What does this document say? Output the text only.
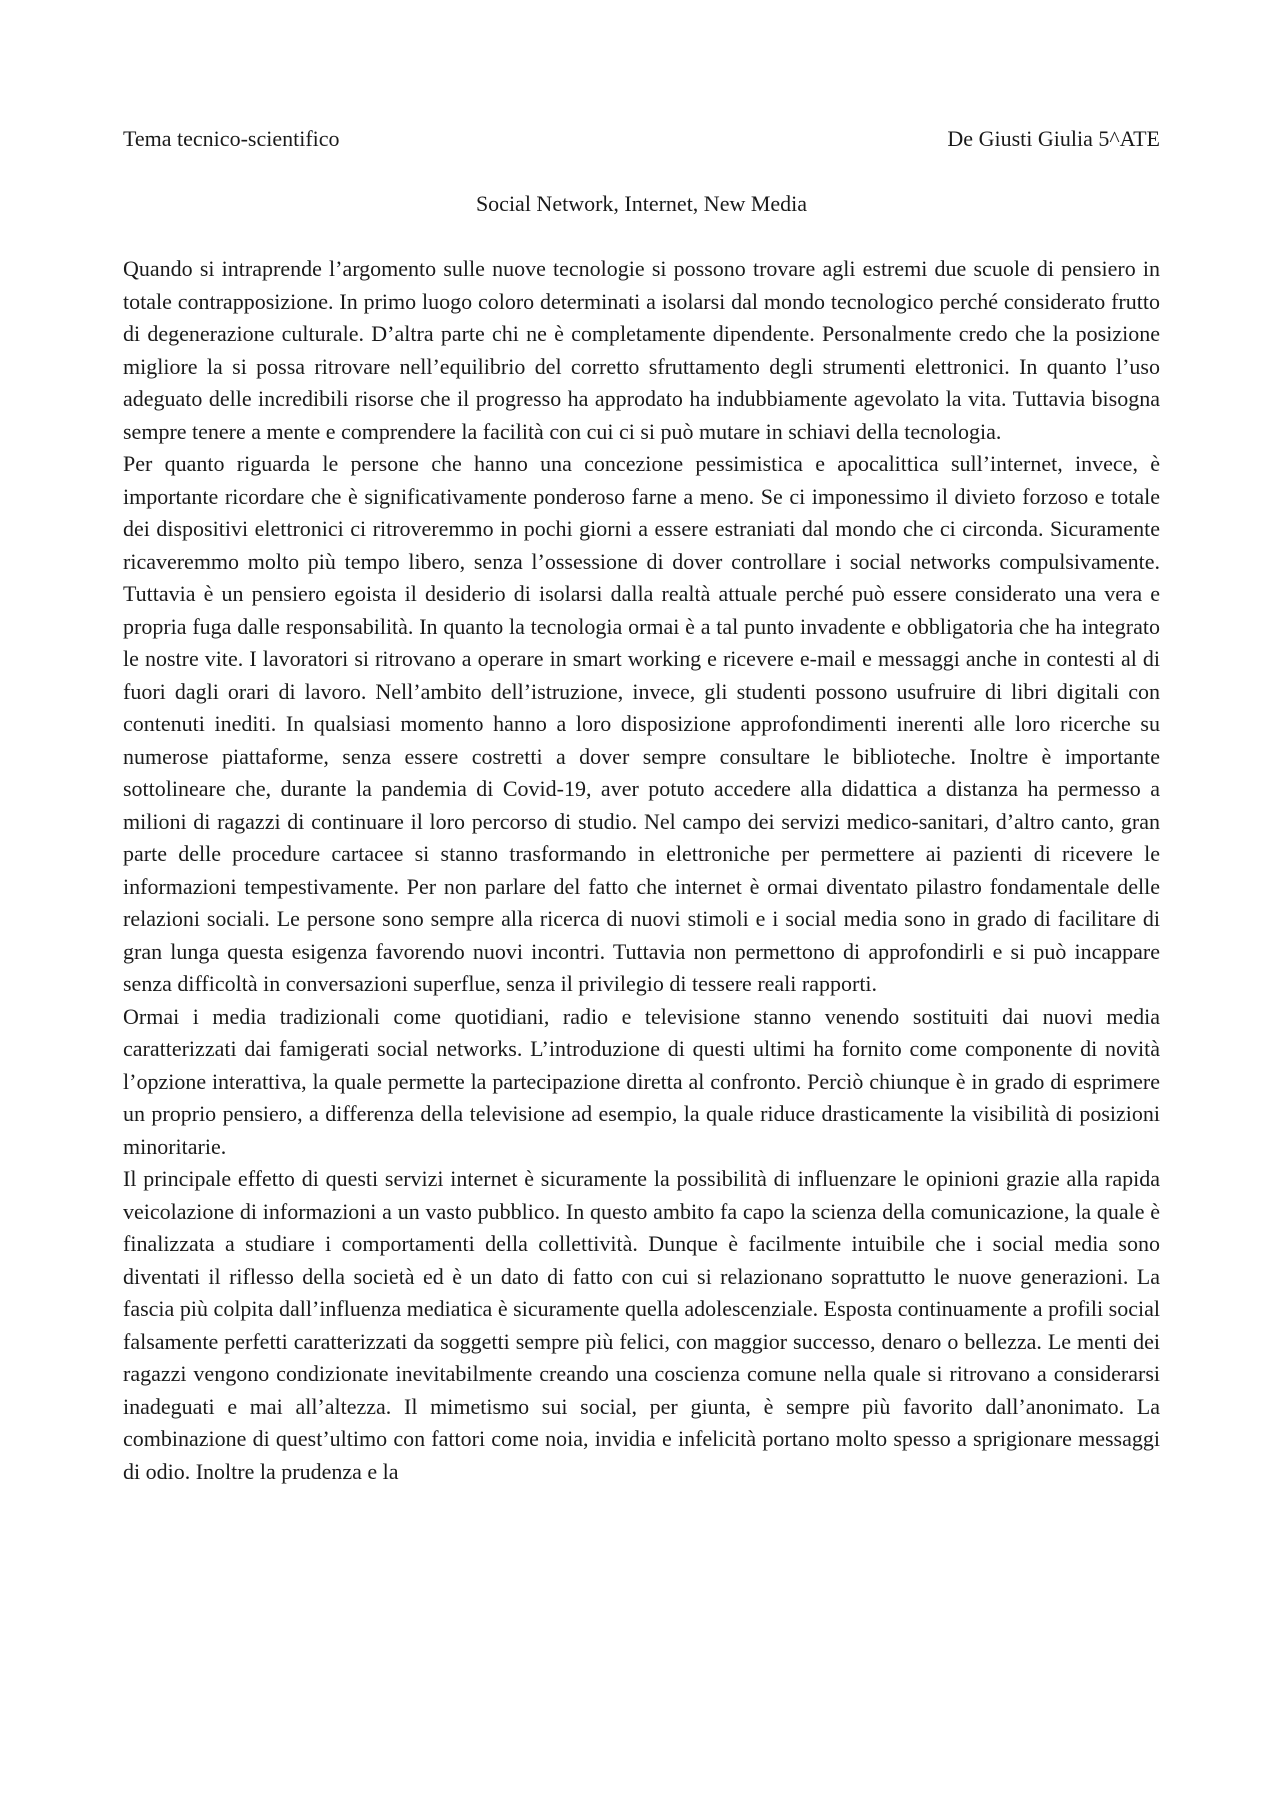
Tema tecnico-scientifico	De Giusti Giulia 5^ATE
Social Network, Internet, New Media

Quando si intraprende l’argomento sulle nuove tecnologie si possono trovare agli estremi due scuole di pensiero in totale contrapposizione. In primo luogo coloro determinati a isolarsi dal mondo tecnologico perché considerato frutto di degenerazione culturale. D’altra parte chi ne è completamente dipendente. Personalmente credo che la posizione migliore la si possa ritrovare nell’equilibrio del corretto sfruttamento degli strumenti elettronici. In quanto l’uso adeguato delle incredibili risorse che il progresso ha approdato ha indubbiamente agevolato la vita. Tuttavia bisogna sempre tenere a mente e comprendere la facilità con cui ci si può mutare in schiavi della tecnologia.

Per quanto riguarda le persone che hanno una concezione pessimistica e apocalittica sull’internet, invece, è importante ricordare che è significativamente ponderoso farne a meno. Se ci imponessimo il divieto forzoso e totale dei dispositivi elettronici ci ritroveremmo in pochi giorni a essere estraniati dal mondo che ci circonda. Sicuramente ricaveremmo molto più tempo libero, senza l’ossessione di dover controllare i social networks compulsivamente. Tuttavia è un pensiero egoista il desiderio di isolarsi dalla realtà attuale perché può essere considerato una vera e propria fuga dalle responsabilità. In quanto la tecnologia ormai è a tal punto invadente e obbligatoria che ha integrato le nostre vite. I lavoratori si ritrovano a operare in smart working e ricevere e-mail e messaggi anche in contesti al di fuori dagli orari di lavoro. Nell’ambito dell’istruzione, invece, gli studenti possono usufruire di libri digitali con contenuti inediti. In qualsiasi momento hanno a loro disposizione approfondimenti inerenti alle loro ricerche su numerose piattaforme, senza essere costretti a dover sempre consultare le biblioteche. Inoltre è importante sottolineare che, durante la pandemia di Covid-19, aver potuto accedere alla didattica a distanza ha permesso a milioni di ragazzi di continuare il loro percorso di studio. Nel campo dei servizi medico-sanitari, d’altro canto, gran parte delle procedure cartacee si stanno trasformando in elettroniche per permettere ai pazienti di ricevere le informazioni tempestivamente. Per non parlare del fatto che internet è ormai diventato pilastro fondamentale delle relazioni sociali. Le persone sono sempre alla ricerca di nuovi stimoli e i social media sono in grado di facilitare di gran lunga questa esigenza favorendo nuovi incontri. Tuttavia non permettono di approfondirli e si può incappare senza difficoltà in conversazioni superflue, senza il privilegio di tessere reali rapporti.

Ormai i media tradizionali come quotidiani, radio e televisione stanno venendo sostituiti dai nuovi media caratterizzati dai famigerati social networks. L’introduzione di questi ultimi ha fornito come componente di novità l’opzione interattiva, la quale permette la partecipazione diretta al confronto. Perciò chiunque è in grado di esprimere un proprio pensiero, a differenza della televisione ad esempio, la quale riduce drasticamente la visibilità di posizioni minoritarie.

Il principale effetto di questi servizi internet è sicuramente la possibilità di influenzare le opinioni grazie alla rapida veicolazione di informazioni a un vasto pubblico. In questo ambito fa capo la scienza della comunicazione, la quale è finalizzata a studiare i comportamenti della collettività. Dunque è facilmente intuibile che i social media sono diventati il riflesso della società ed è un dato di fatto con cui si relazionano soprattutto le nuove generazioni. La fascia più colpita dall’influenza mediatica è sicuramente quella adolescenziale. Esposta continuamente a profili social falsamente perfetti caratterizzati da soggetti sempre più felici, con maggior successo, denaro o bellezza. Le menti dei ragazzi vengono condizionate inevitabilmente creando una coscienza comune nella quale si ritrovano a considerarsi inadeguati e mai all’altezza. Il mimetismo sui social, per giunta, è sempre più favorito dall’anonimato. La combinazione di quest’ultimo con fattori come noia, invidia e infelicità portano molto spesso a sprigionare messaggi di odio. Inoltre la prudenza e la
